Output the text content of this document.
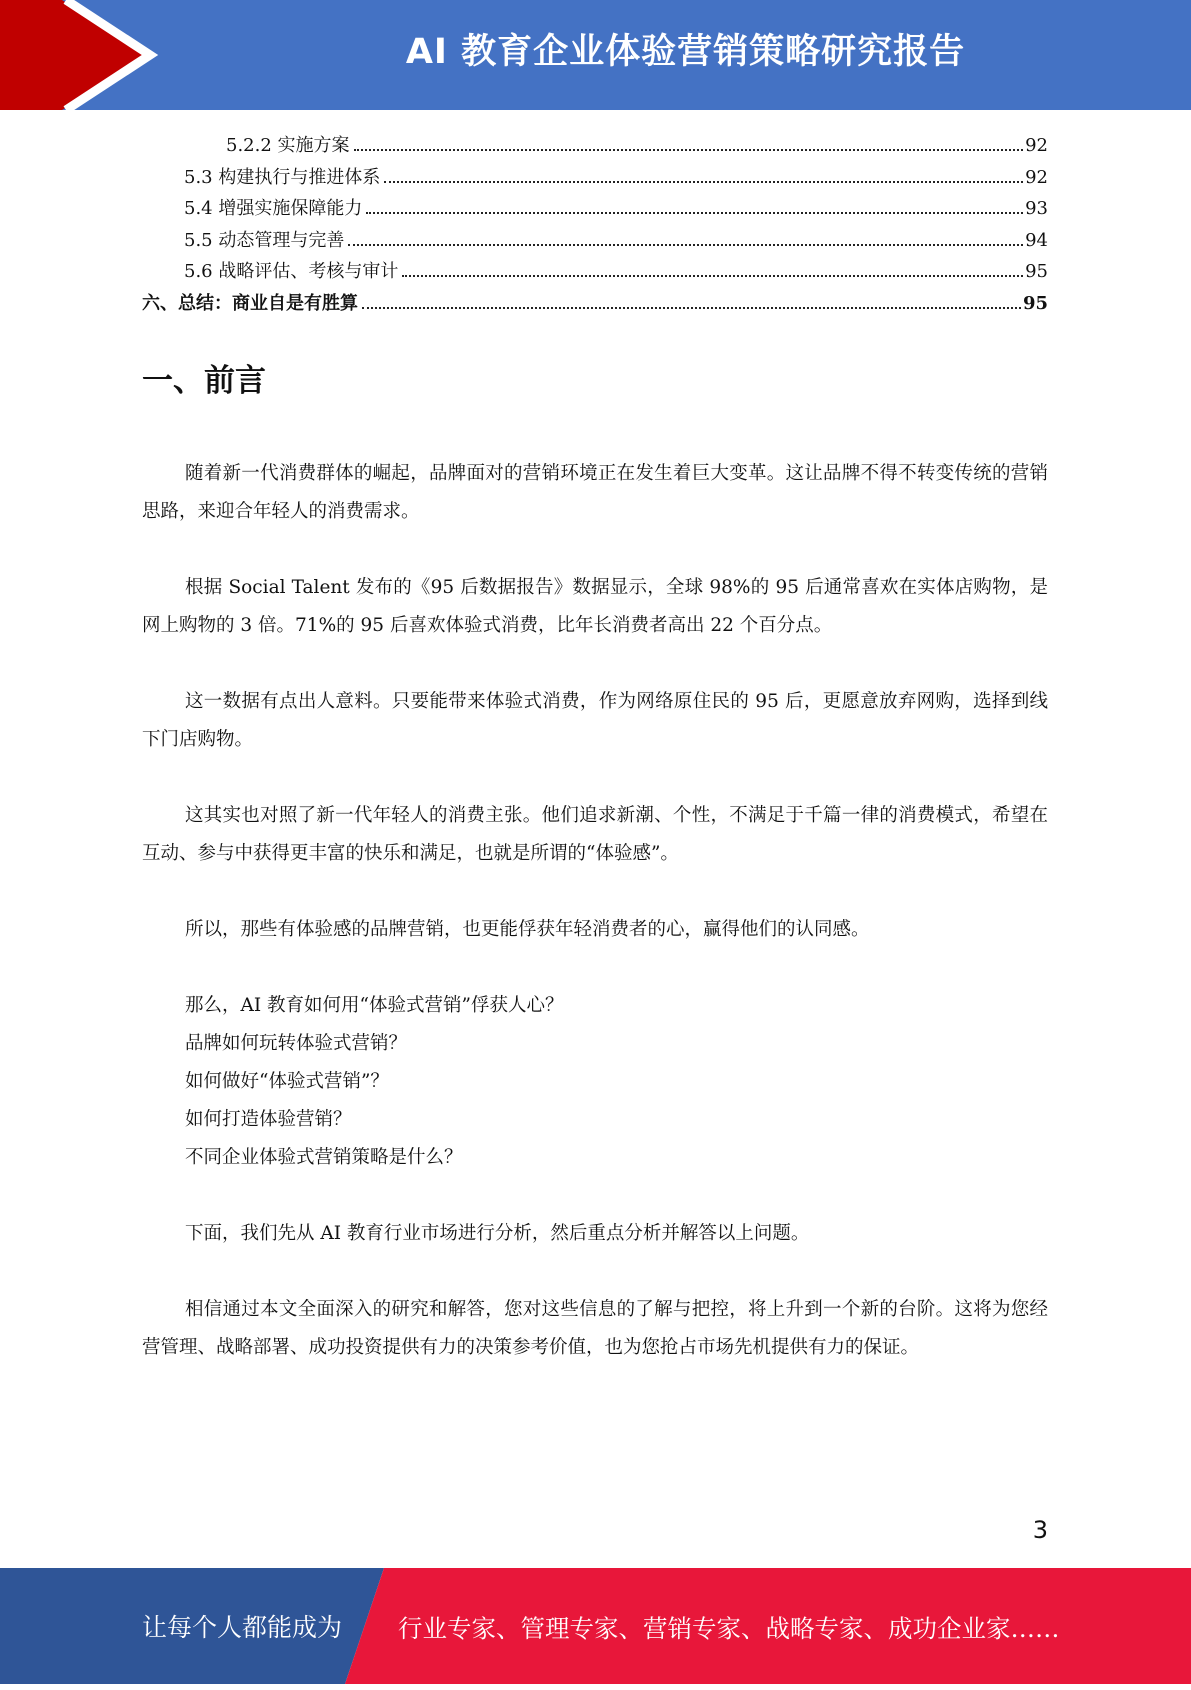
AI 教育企业体验营销策略研究报告
5.2.2 实施方案	92
5.3 构建执行与推进体系	92
5.4 增强实施保障能力	93
5.5 动态管理与完善	94
5.6 战略评估、考核与审计	95
六、总结：商业自是有胜算	95
一、前言

随着新一代消费群体的崛起，品牌面对的营销环境正在发生着巨大变革。这让品牌不得不转变传统的营销思路，来迎合年轻人的消费需求。

根据 Social Talent 发布的《95 后数据报告》数据显示，全球 98%的 95 后通常喜欢在实体店购物，是网上购物的 3 倍。71%的 95 后喜欢体验式消费，比年长消费者高出 22 个百分点。

这一数据有点出人意料。只要能带来体验式消费，作为网络原住民的 95 后，更愿意放弃网购，选择到线下门店购物。

这其实也对照了新一代年轻人的消费主张。他们追求新潮、个性，不满足于千篇一律的消费模式，希望在互动、参与中获得更丰富的快乐和满足，也就是所谓的“体验感”。

所以，那些有体验感的品牌营销，也更能俘获年轻消费者的心，赢得他们的认同感。

那么，AI 教育如何用“体验式营销”俘获人心？

品牌如何玩转体验式营销？

如何做好“体验式营销”？

如何打造体验营销？

不同企业体验式营销策略是什么？

下面，我们先从 AI 教育行业市场进行分析，然后重点分析并解答以上问题。

相信通过本文全面深入的研究和解答，您对这些信息的了解与把控，将上升到一个新的台阶。这将为您经营管理、战略部署、成功投资提供有力的决策参考价值，也为您抢占市场先机提供有力的保证。

3
让每个人都能成为 行业专家、管理专家、营销专家、战略专家、成功企业家……
